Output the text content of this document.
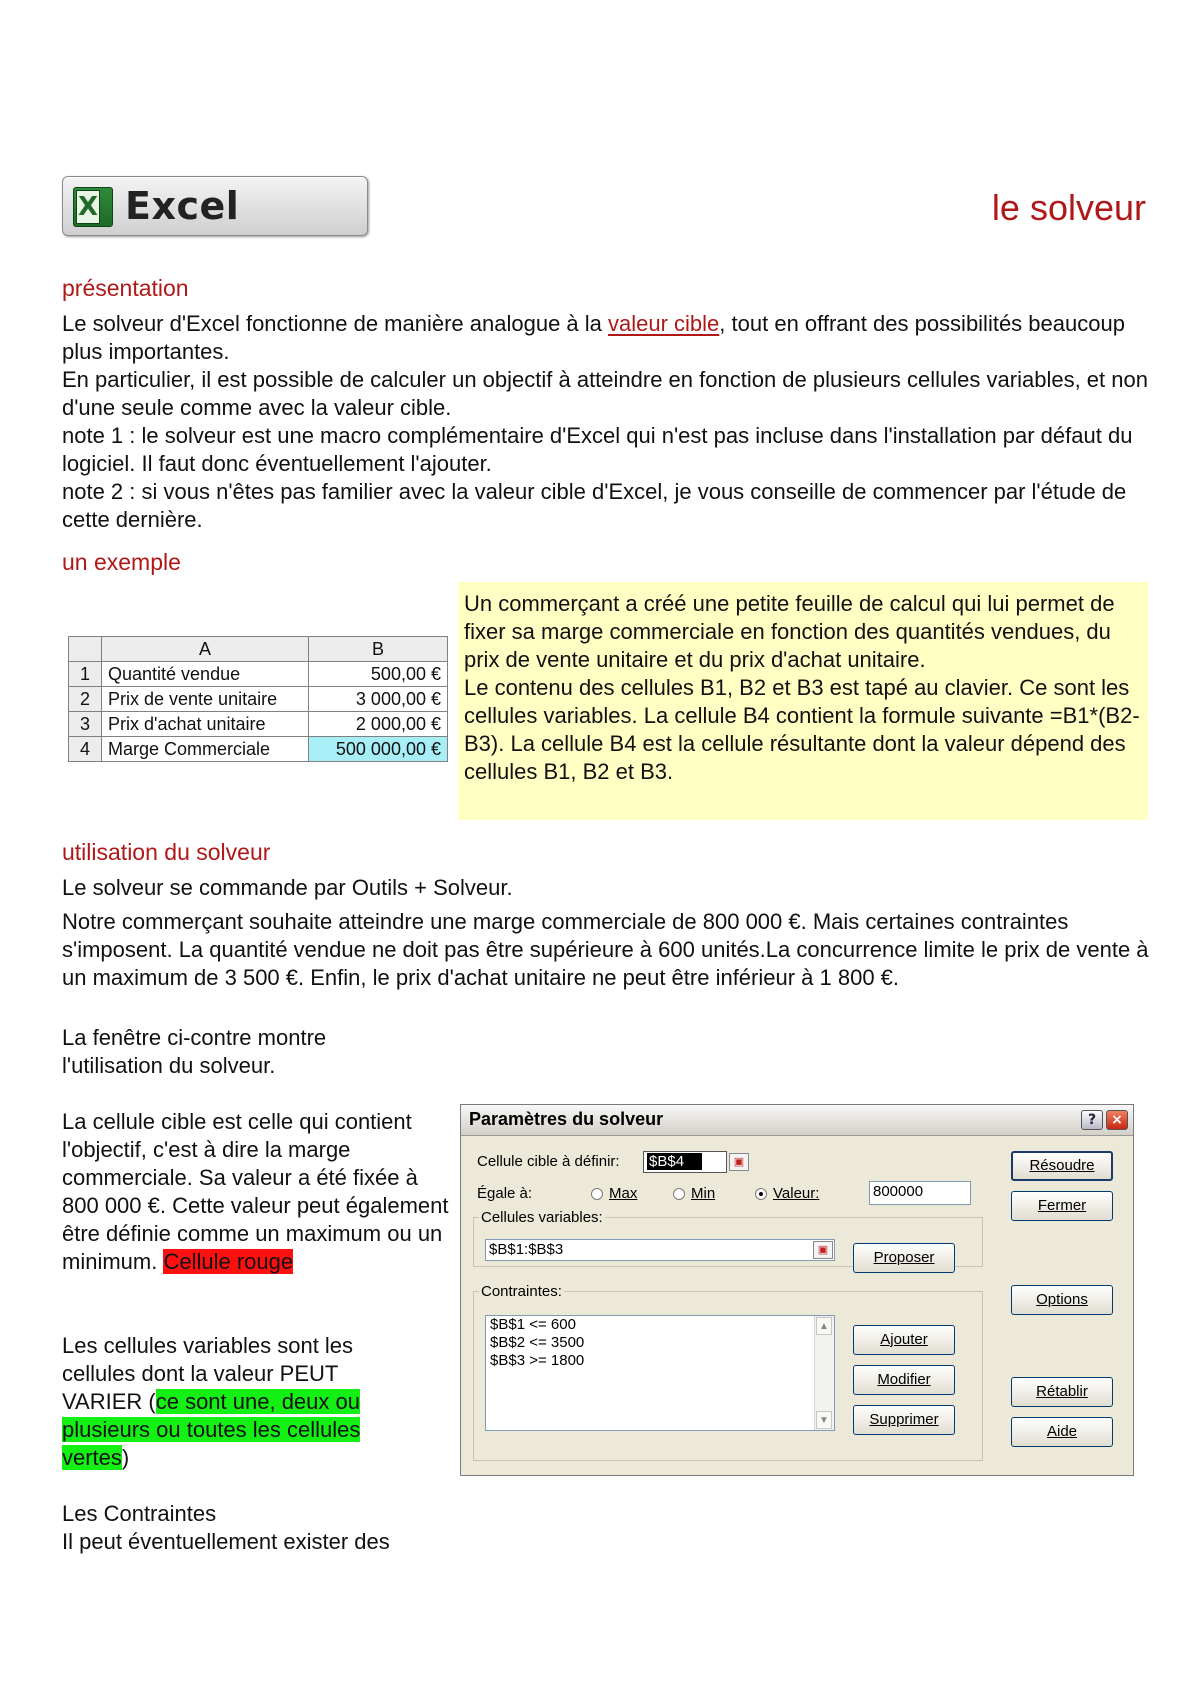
X Excel	le solveur
présentation

Le solveur d'Excel fonctionne de manière analogue à la valeur cible, tout en offrant des possibilités beaucoup plus importantes.

En particulier, il est possible de calculer un objectif à atteindre en fonction de plusieurs cellules variables, et non d'une seule comme avec la valeur cible.

note 1 : le solveur est une macro complémentaire d'Excel qui n'est pas incluse dans l'installation par défaut du logiciel. Il faut donc éventuellement l'ajouter.

note 2 : si vous n'êtes pas familier avec la valeur cible d'Excel, je vous conseille de commencer par l'étude de cette dernière.

un exemple
	A	B
1	Quantité vendue	500,00 €
2	Prix de vente unitaire	3 000,00 €
3	Prix d'achat unitaire	2 000,00 €
4	Marge Commerciale	500 000,00 €
Un commerçant a créé une petite feuille de calcul qui lui permet de fixer sa marge commerciale en fonction des quantités vendues, du prix de vente unitaire et du prix d'achat unitaire.
Le contenu des cellules B1, B2 et B3 est tapé au clavier. Ce sont les cellules variables. La cellule B4 contient la formule suivante =B1*(B2-B3). La cellule B4 est la cellule résultante dont la valeur dépend des cellules B1, B2 et B3.
utilisation du solveur

Le solveur se commande par Outils + Solveur.

Notre commerçant souhaite atteindre une marge commerciale de 800 000 €. Mais certaines contraintes s'imposent. La quantité vendue ne doit pas être supérieure à 600 unités.La concurrence limite le prix de vente à un maximum de 3 500 €. Enfin, le prix d'achat unitaire ne peut être inférieur à 1 800 €.

La fenêtre ci-contre montre l'utilisation du solveur.

La cellule cible est celle qui contient l'objectif, c'est à dire la marge commerciale. Sa valeur a été fixée à 800 000 €. Cette valeur peut également être définie comme un maximum ou un minimum. Cellule rouge

Les cellules variables sont les cellules dont la valeur PEUT VARIER (ce sont une, deux ou plusieurs ou toutes les cellules vertes)

Les Contraintes

Il peut éventuellement exister des

Paramètres du solveur	?	×
Cellule cible à définir:	$B$4	▣
Égale à:	Max	Min	Valeur:	800000
Cellules variables:
$B$1:$B$3	▣
Contraintes:
$B$1 <= 600
$B$2 <= 3500
$B$3 >= 1800
▲
▼
Proposer
Ajouter
Modifier
Supprimer
Résoudre
Fermer
Options
Rétablir
Aide
